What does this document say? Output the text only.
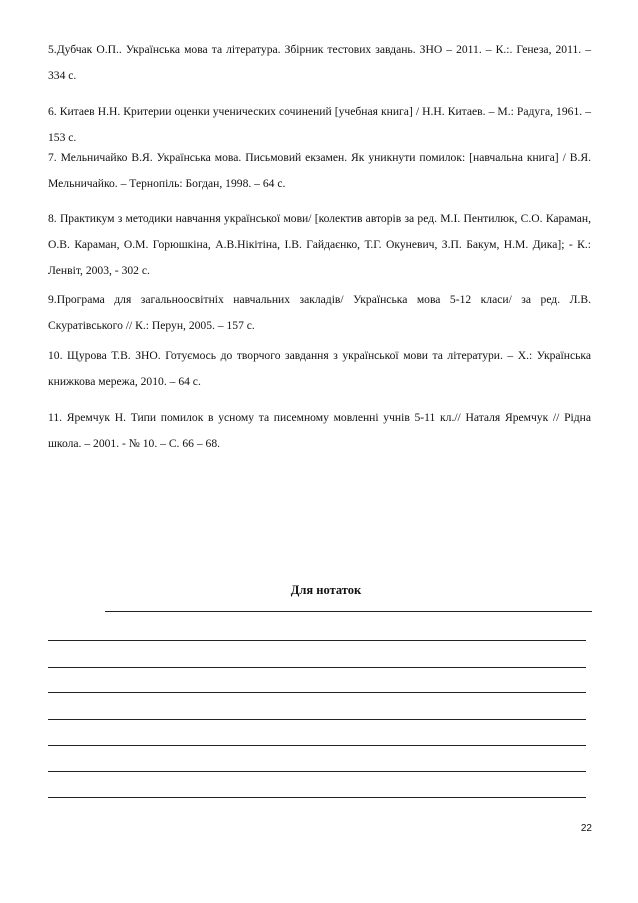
5.Дубчак О.П.. Українська мова та література. Збірник тестових завдань. ЗНО – 2011. – К.:. Генеза, 2011. – 334 с.

6. Китаев Н.Н. Критерии оценки ученических сочинений [учебная книга] / Н.Н. Китаев. – М.: Радуга, 1961. – 153 с.

7. Мельничайко В.Я. Українська мова. Письмовий екзамен. Як уникнути помилок: [навчальна книга] / В.Я. Мельничайко. – Тернопіль: Богдан, 1998. – 64 с.

8. Практикум з методики навчання української мови/ [колектив авторів за ред. М.І. Пентилюк, С.О. Караман, О.В. Караман, О.М. Горюшкіна, А.В.Нікітіна, І.В. Гайдаєнко, Т.Г. Окуневич, З.П. Бакум, Н.М. Дика]; - К.: Ленвіт, 2003, - 302 с.

9.Програма для загальноосвітніх навчальних закладів/ Українська мова 5-12 класи/ за ред. Л.В. Скуратівського // К.: Перун, 2005. – 157 с.

10. Щурова Т.В. ЗНО. Готуємось до творчого завдання з української мови та літератури. – Х.: Українська книжкова мережа, 2010. – 64 с.

11. Яремчук Н. Типи помилок в усному та писемному мовленні учнів 5-11 кл.// Наталя Яремчук // Рідна школа. – 2001. - № 10. – С. 66 – 68.

Для нотаток

22
